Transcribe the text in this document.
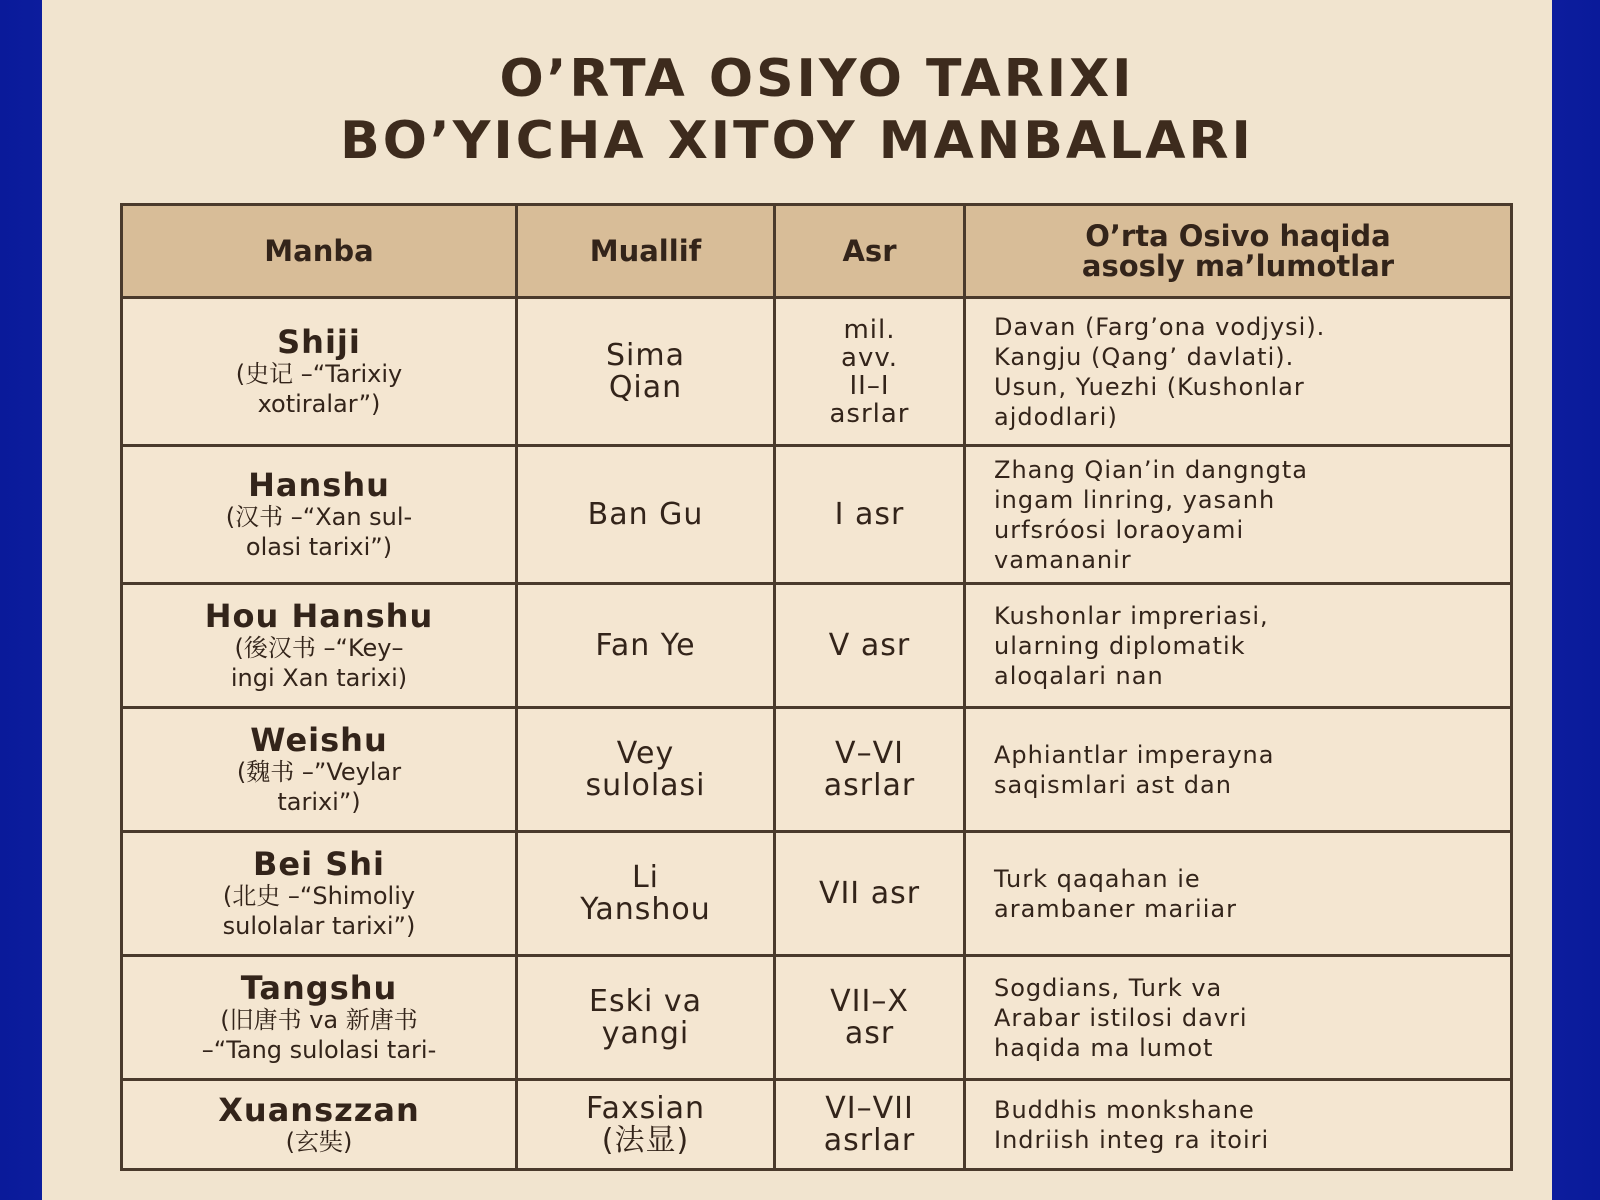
O’RTA OSIYO TARIXI
BO’YICHA XITOY MANBALARI
Manba	Muallif	Asr	O’rta Osivo haqida
asosly ma’lumotlar

Shiji
(史记 –“Tarixiy
xotiralar”)	Sima
Qian	mil.
avv.
II–I
asrlar	Davan (Farg’ona vodjysi).
Kangju (Qang’ davlati).
Usun, Yuezhi (Kushonlar
ajdodlari)

Hanshu
(汉书 –“Xan sul-
olasi tarixi”)	Ban Gu	I asr	Zhang Qian’in dangngta
ingam linring, yasanh
urfsróosi loraoyami
vamananir

Hou Hanshu
(後汉书 –“Key–
ingi Xan tarixi)	Fan Ye	V asr	Kushonlar impreriasi,
ularning diplomatik
aloqalari nan

Weishu
(魏书 –”Veylar
tarixi”)	Vey
sulolasi	V–VI
asrlar	Aphiantlar imperayna
saqismlari ast dan

Bei Shi
(北史 –“Shimoliy
sulolalar tarixi”)	Li
Yanshou	VII asr	Turk qaqahan ie
arambaner mariiar

Tangshu
(旧唐书 va 新唐书
–“Tang sulolasi tari-	Eski va
yangi	VII–X
asr	Sogdians, Turk va
Arabar istilosi davri
haqida ma lumot

Xuanszzan
(玄奘)	Faxsian
(法显)	VI–VII
asrlar	Buddhis monkshane
Indriish integ ra itoiri
